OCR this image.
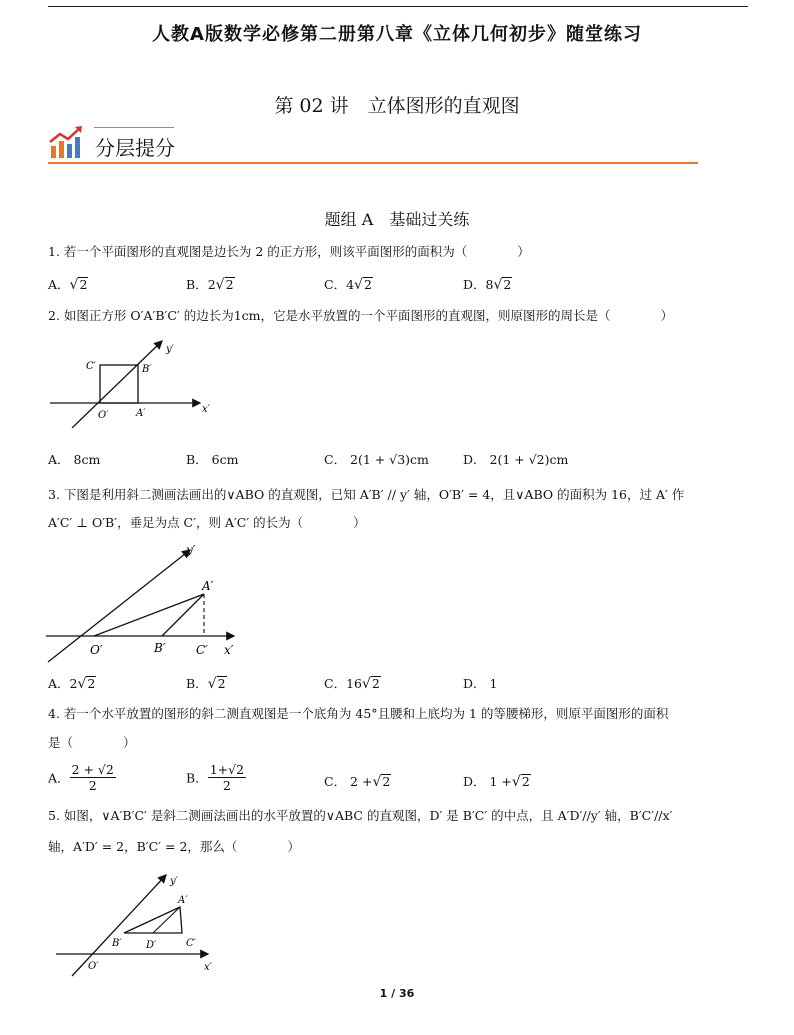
人教A版数学必修第二册第八章《立体几何初步》随堂练习
第 02 讲　立体图形的直观图
分层提分
题组 A　基础过关练
1. 若一个平面图形的直观图是边长为 2 的正方形，则该平面图形的面积为（　　　　）
A．√2	B．2√2	C．4√2	D．8√2
2. 如图正方形 O′A′B′C′ 的边长为1cm，它是水平放置的一个平面图形的直观图，则原图形的周长是（　　　　）
C′	B′
O′	A′	x′
y′
A． 8cm	B． 6cm	C． 2(1 + √3)cm	D． 2(1 + √2)cm
3. 下图是利用斜二测画法画出的∨ABO 的直观图，已知 A′B′ // y′ 轴，O′B′ = 4，且∨ABO 的面积为 16，过 A′ 作
A′C′ ⊥ O′B′，垂足为点 C′，则 A′C′ 的长为（　　　　）
A′
O′	B′	C′ x′
y′
A．2√2	B．√2	C．16√2	D． 1
4. 若一个水平放置的图形的斜二测直观图是一个底角为 45°且腰和上底均为 1 的等腰梯形，则原平面图形的面积
是（　　　　）
A． $\frac{2 + √2}{2}$	B． $\frac{1+√2}{2}$	C． 2 +√2	D． 1 +√2
5. 如图，∨A′B′C′ 是斜二测画法画出的水平放置的∨ABC 的直观图，D′ 是 B′C′ 的中点，且 A′D′//y′ 轴，B′C′//x′
轴，A′D′ = 2，B′C′ = 2，那么（　　　　）
A′
B′ D′	C′
O′	x′
y′
1 / 36
